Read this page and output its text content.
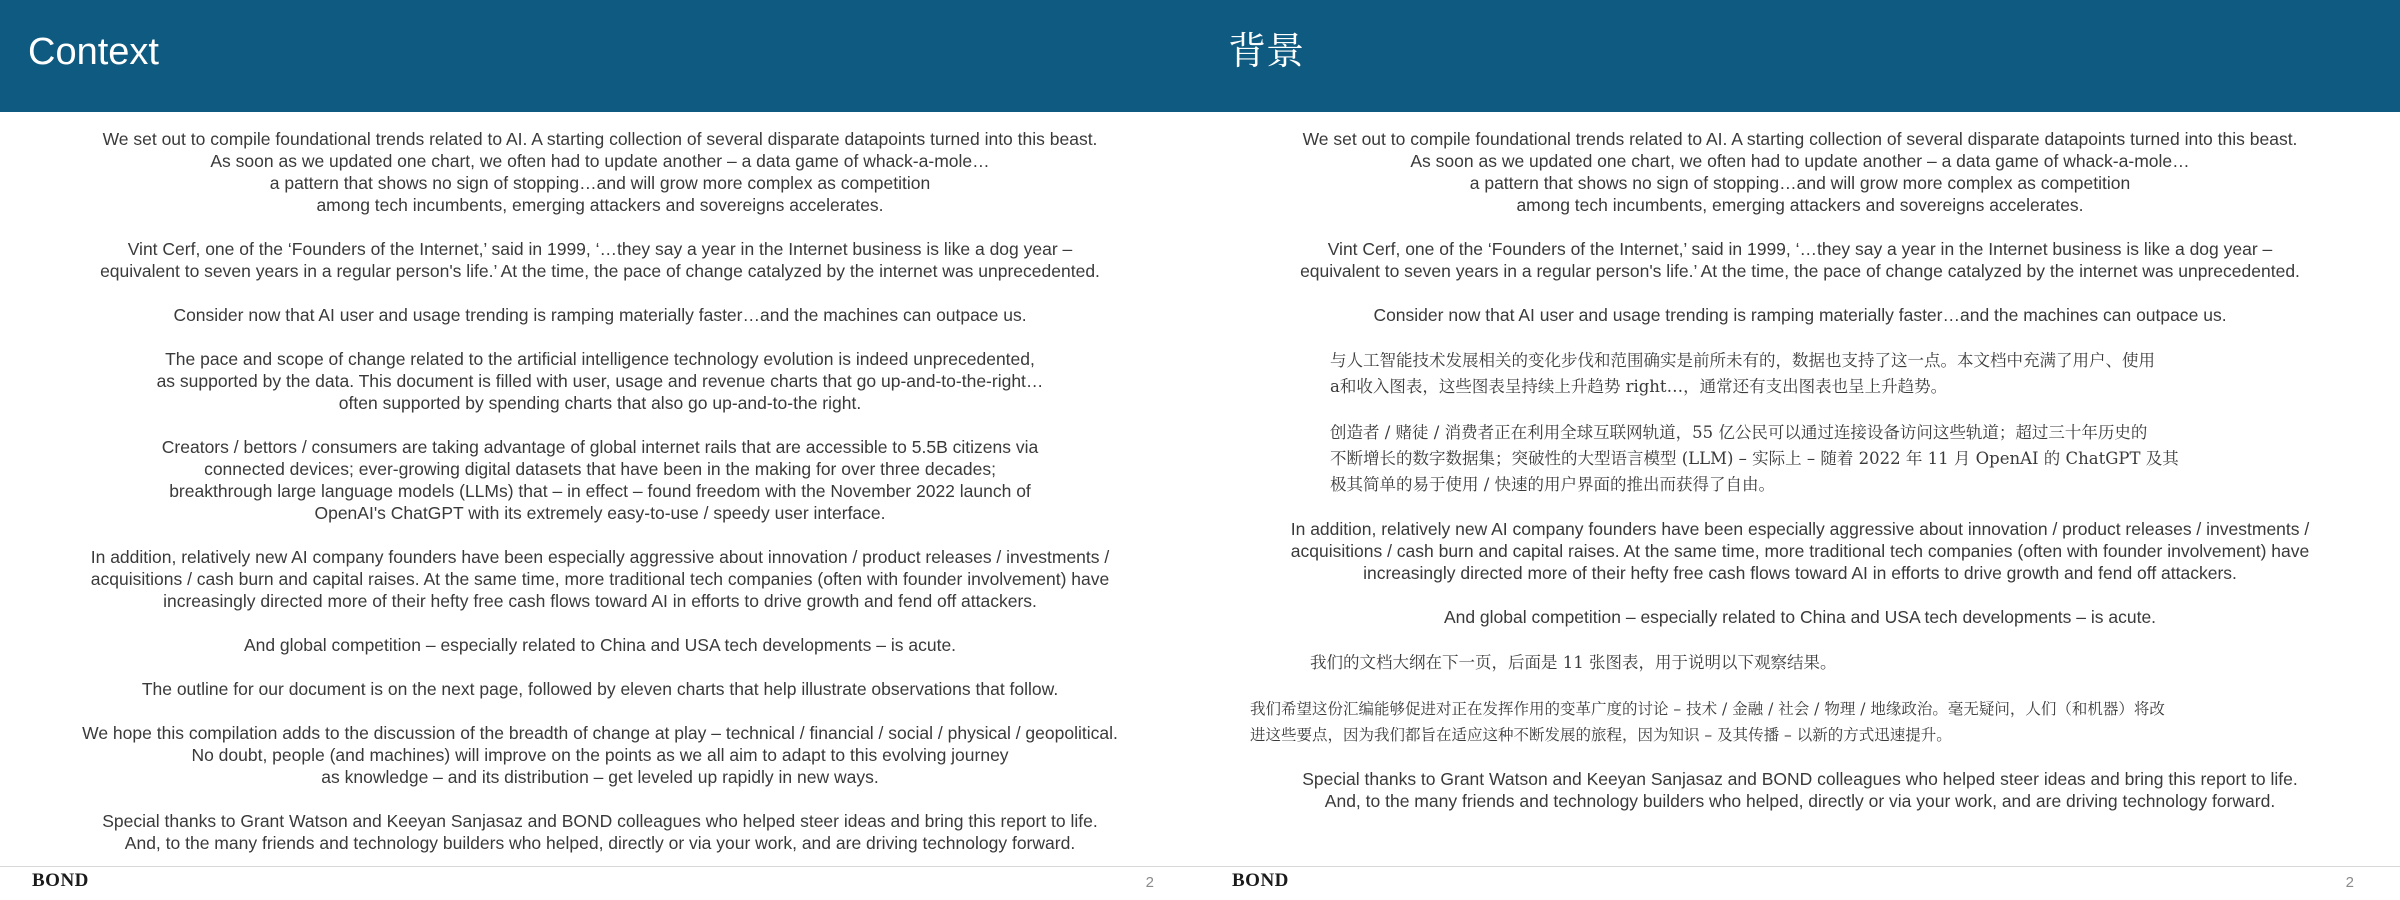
Context

We set out to compile foundational trends related to AI. A starting collection of several disparate datapoints turned into this beast.
As soon as we updated one chart, we often had to update another – a data game of whack-a-mole…
a pattern that shows no sign of stopping…and will grow more complex as competition
among tech incumbents, emerging attackers and sovereigns accelerates.

Vint Cerf, one of the ‘Founders of the Internet,’ said in 1999, ‘…they say a year in the Internet business is like a dog year –
equivalent to seven years in a regular person's life.’ At the time, the pace of change catalyzed by the internet was unprecedented.

Consider now that AI user and usage trending is ramping materially faster…and the machines can outpace us.

The pace and scope of change related to the artificial intelligence technology evolution is indeed unprecedented,
as supported by the data. This document is filled with user, usage and revenue charts that go up-and-to-the-right…
often supported by spending charts that also go up-and-to-the right.

Creators / bettors / consumers are taking advantage of global internet rails that are accessible to 5.5B citizens via
connected devices; ever-growing digital datasets that have been in the making for over three decades;
breakthrough large language models (LLMs) that – in effect – found freedom with the November 2022 launch of
OpenAI's ChatGPT with its extremely easy-to-use / speedy user interface.

In addition, relatively new AI company founders have been especially aggressive about innovation / product releases / investments /
acquisitions / cash burn and capital raises. At the same time, more traditional tech companies (often with founder involvement) have
increasingly directed more of their hefty free cash flows toward AI in efforts to drive growth and fend off attackers.

And global competition – especially related to China and USA tech developments – is acute.

The outline for our document is on the next page, followed by eleven charts that help illustrate observations that follow.

We hope this compilation adds to the discussion of the breadth of change at play – technical / financial / social / physical / geopolitical.
No doubt, people (and machines) will improve on the points as we all aim to adapt to this evolving journey
as knowledge – and its distribution – get leveled up rapidly in new ways.

Special thanks to Grant Watson and Keeyan Sanjasaz and BOND colleagues who helped steer ideas and bring this report to life.
And, to the many friends and technology builders who helped, directly or via your work, and are driving technology forward.

BOND	2
背景

We set out to compile foundational trends related to AI. A starting collection of several disparate datapoints turned into this beast.
As soon as we updated one chart, we often had to update another – a data game of whack-a-mole…
a pattern that shows no sign of stopping…and will grow more complex as competition
among tech incumbents, emerging attackers and sovereigns accelerates.

Vint Cerf, one of the ‘Founders of the Internet,’ said in 1999, ‘…they say a year in the Internet business is like a dog year –
equivalent to seven years in a regular person's life.’ At the time, the pace of change catalyzed by the internet was unprecedented.

Consider now that AI user and usage trending is ramping materially faster…and the machines can outpace us.

与人工智能技术发展相关的变化步伐和范围确实是前所未有的，数据也支持了这一点。本文档中充满了用户、使用
a和收入图表，这些图表呈持续上升趋势 right…，通常还有支出图表也呈上升趋势。

创造者 / 赌徒 / 消费者正在利用全球互联网轨道，55 亿公民可以通过连接设备访问这些轨道；超过三十年历史的
不断增长的数字数据集；突破性的大型语言模型 (LLM) – 实际上 – 随着 2022 年 11 月 OpenAI 的 ChatGPT 及其
极其简单的易于使用 / 快速的用户界面的推出而获得了自由。

In addition, relatively new AI company founders have been especially aggressive about innovation / product releases / investments /
acquisitions / cash burn and capital raises. At the same time, more traditional tech companies (often with founder involvement) have
increasingly directed more of their hefty free cash flows toward AI in efforts to drive growth and fend off attackers.

And global competition – especially related to China and USA tech developments – is acute.

我们的文档大纲在下一页，后面是 11 张图表，用于说明以下观察结果。

我们希望这份汇编能够促进对正在发挥作用的变革广度的讨论 – 技术 / 金融 / 社会 / 物理 / 地缘政治。毫无疑问，人们（和机器）将改
进这些要点，因为我们都旨在适应这种不断发展的旅程，因为知识 – 及其传播 – 以新的方式迅速提升。

Special thanks to Grant Watson and Keeyan Sanjasaz and BOND colleagues who helped steer ideas and bring this report to life.
And, to the many friends and technology builders who helped, directly or via your work, and are driving technology forward.

BOND	2
